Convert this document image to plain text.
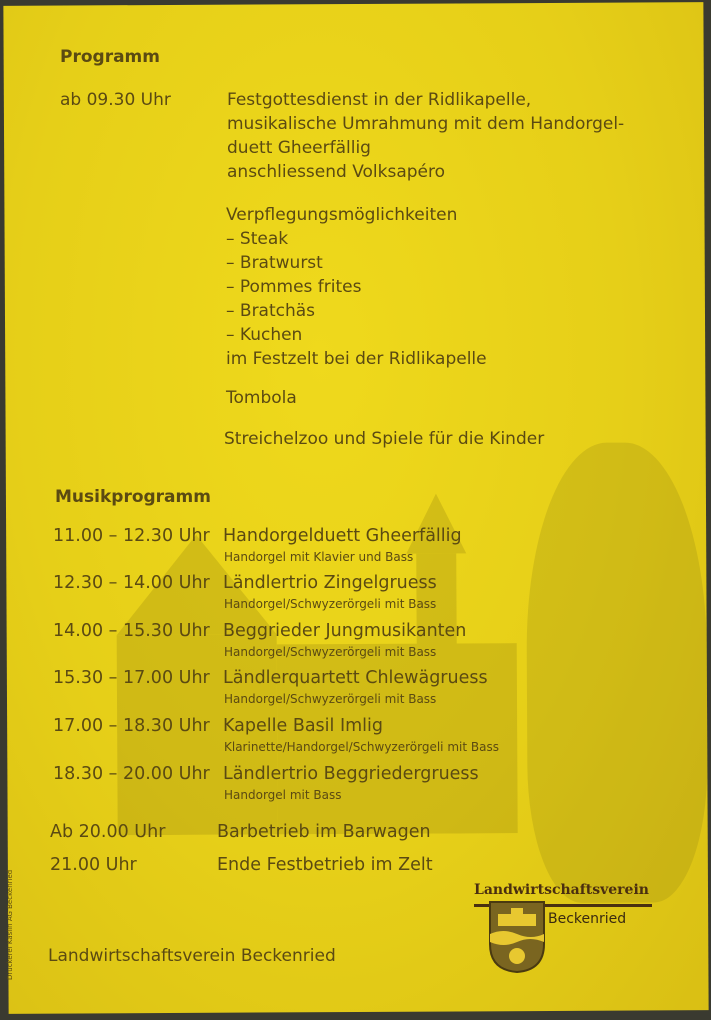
Programm
ab 09.30 Uhr	Festgottesdienst in der Ridlikapelle,
musikalische Umrahmung mit dem Handorgel-
duett Gheerfällig
anschliessend Volksapéro
Verpflegungsmöglichkeiten
– Steak
– Bratwurst
– Pommes frites
– Bratchäs
– Kuchen
im Festzelt bei der Ridlikapelle
Tombola
Streichelzoo und Spiele für die Kinder
Musikprogramm
11.00 – 12.30 Uhr Handorgelduett Gheerfällig
Handorgel mit Klavier und Bass
12.30 – 14.00 Uhr Ländlertrio Zingelgruess
Handorgel/Schwyzerörgeli mit Bass
14.00 – 15.30 Uhr Beggrieder Jungmusikanten
Handorgel/Schwyzerörgeli mit Bass
15.30 – 17.00 Uhr Ländlerquartett Chlewägruess
Handorgel/Schwyzerörgeli mit Bass
17.00 – 18.30 Uhr Kapelle Basil Imlig
Klarinette/Handorgel/Schwyzerörgeli mit Bass
18.30 – 20.00 Uhr Ländlertrio Beggriedergruess
Handorgel mit Bass
Ab 20.00 Uhr	Barbetrieb im Barwagen
21.00 Uhr	Ende Festbetrieb im Zelt
Landwirtschaftsverein Beckenried
Druckerei Käslin AG Beckenried	Landwirtschaftsverein
Beckenried
